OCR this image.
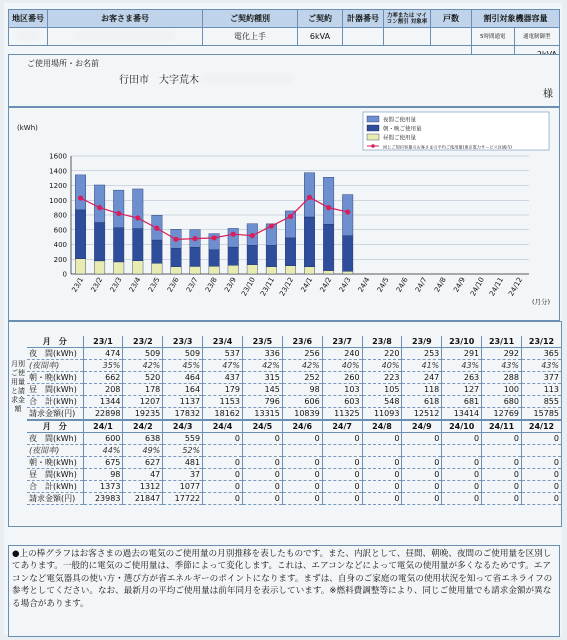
地区番号	お客さま番号	ご契約種別	ご契約	計器番号	力率または マイコン割引 対象率	戸数	割引対象機器容量	
		電化上手	6kVA				5時間通電	通電制御型

ご使用場所・お名前
行田市　大字荒木
様
(kWh)
0
200
400
600
800
1000
1200
1400
1600
23/1 23/2 23/3 23/4 23/5 23/6 23/7 23/8 23/9 23/10 23/11 23/12 24/1 24/2 24/3 24/4 24/5 24/6 24/7 24/8 24/9 24/10 24/11 24/12
(月分)
夜間ご使用量
朝・晩ご使用量
昼間ご使用量
同じご契約容量のお客さまの平均ご使用量(東京電力サービス区域内)
月別ご使用量と請求金額
月　分	23/1	23/2	23/3	23/4	23/5	23/6	23/7	23/8	23/9	23/10	23/11	23/12
夜　間(kWh)	474	509	509	537	336	256	240	220	253	291	292	365
(夜間率)	35%	42%	45%	47%	42%	42%	40%	40%	41%	43%	43%	43%
朝・晩(kWh)	662	520	464	437	315	252	260	223	247	263	288	377
昼　間(kWh)	208	178	164	179	145	98	103	105	118	127	100	113
合　計(kWh)	1344	1207	1137	1153	796	606	603	548	618	681	680	855
請求金額(円)	22898	19235	17832	18162	13315	10839	11325	11093	12512	13414	12769	15785
月　分	24/1	24/2	24/3	24/4	24/5	24/6	24/7	24/8	24/9	24/10	24/11	24/12
夜　間(kWh)	600	638	559	0	0	0	0	0	0	0	0	0
(夜間率)	44%	49%	52%									
朝・晩(kWh)	675	627	481	0	0	0	0	0	0	0	0	0
昼　間(kWh)	98	47	37	0	0	0	0	0	0	0	0	0
合　計(kWh)	1373	1312	1077	0	0	0	0	0	0	0	0	0
請求金額(円)	23983	21847	17722	0	0	0	0	0	0	0	0	0
●上の棒グラフはお客さまの過去の電気のご使用量の月別推移を表したものです。また、内訳として、昼間、朝晩、夜間のご使用量を区別してあります。一般的に電気のご使用量は、季節によって変化します。これは、エアコンなどによって電気の使用量が多くなるためです。エアコンなど電気器具の使い方・選び方が省エネルギーのポイントになります。まずは、自身のご家庭の電気の使用状況を知って省エネライフの参考としてください。なお、最新月の平均ご使用量は前年同月を表示しています。※燃料費調整等により、同じご使用量でも請求金額が異なる場合があります。
